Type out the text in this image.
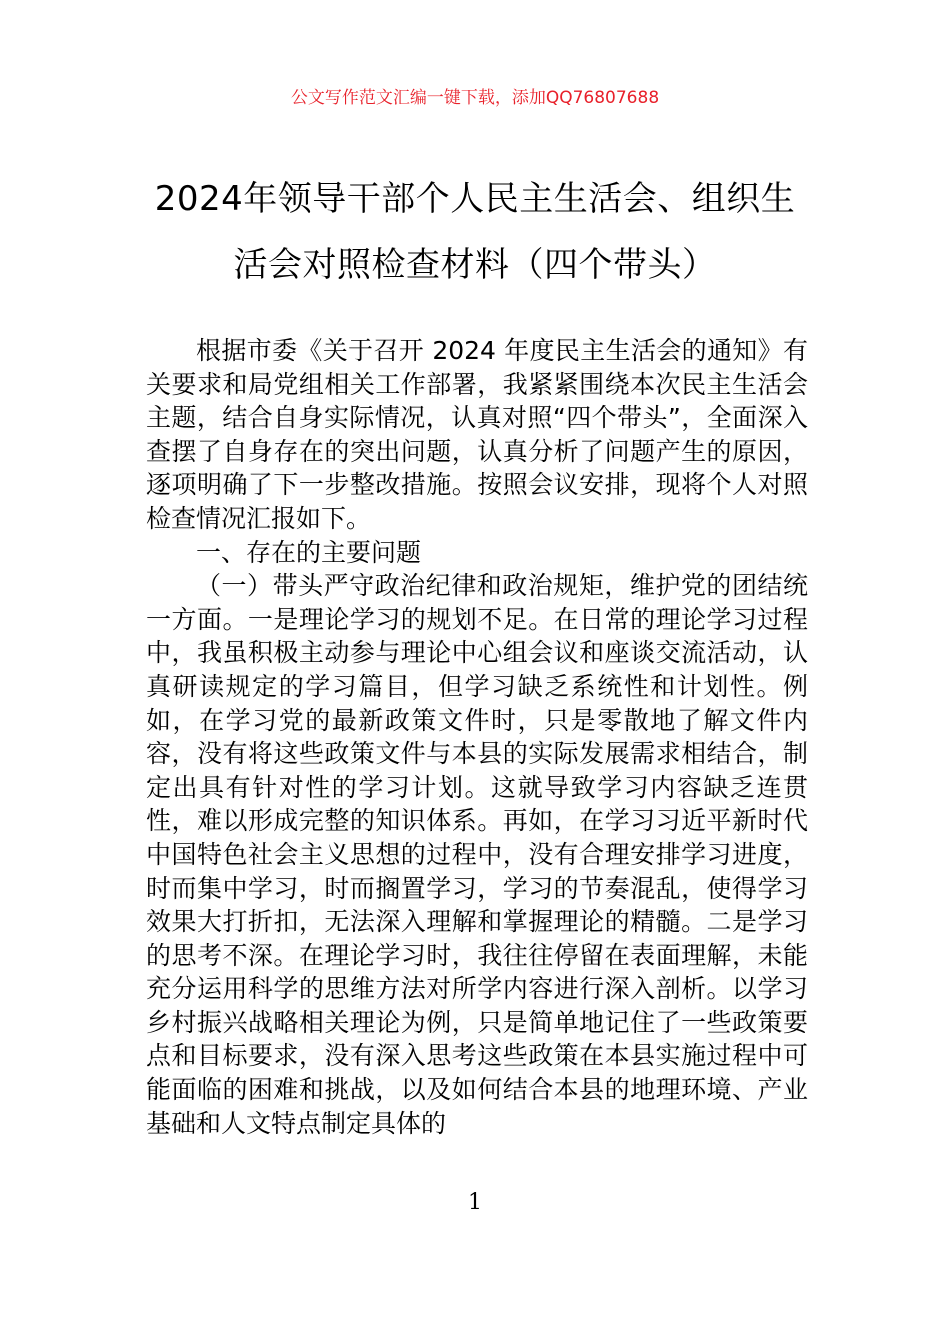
公文写作范文汇编一键下载，添加QQ76807688
2024年领导干部个人民主生活会、组织生
活会对照检查材料（四个带头）

根据市委《关于召开 2024 年度民主生活会的通知》有关要求和局党组相关工作部署，我紧紧围绕本次民主生活会主题，结合自身实际情况，认真对照“四个带头”，全面深入查摆了自身存在的突出问题，认真分析了问题产生的原因，逐项明确了下一步整改措施。按照会议安排，现将个人对照检查情况汇报如下。

一、存在的主要问题

（一）带头严守政治纪律和政治规矩，维护党的团结统一方面。一是理论学习的规划不足。在日常的理论学习过程中，我虽积极主动参与理论中心组会议和座谈交流活动，认真研读规定的学习篇目，但学习缺乏系统性和计划性。例如，在学习党的最新政策文件时，只是零散地了解文件内容，没有将这些政策文件与本县的实际发展需求相结合，制定出具有针对性的学习计划。这就导致学习内容缺乏连贯性，难以形成完整的知识体系。再如，在学习习近平新时代中国特色社会主义思想的过程中，没有合理安排学习进度，时而集中学习，时而搁置学习，学习的节奏混乱，使得学习效果大打折扣，无法深入理解和掌握理论的精髓。二是学习的思考不深。在理论学习时，我往往停留在表面理解，未能充分运用科学的思维方法对所学内容进行深入剖析。以学习乡村振兴战略相关理论为例，只是简单地记住了一些政策要点和目标要求，没有深入思考这些政策在本县实施过程中可能面临的困难和挑战，以及如何结合本县的地理环境、产业基础和人文特点制定具体的

1
